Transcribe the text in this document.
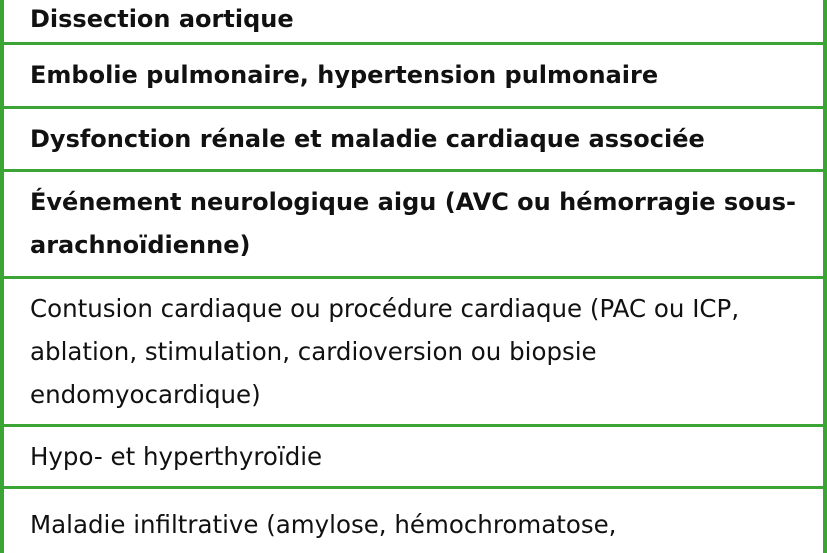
Dissection aortique
Embolie pulmonaire, hypertension pulmonaire
Dysfonction rénale et maladie cardiaque associée
Événement neurologique aigu (AVC ou hémorragie sous-arachnoïdienne)
Contusion cardiaque ou procédure cardiaque (PAC ou ICP, ablation, stimulation, cardioversion ou biopsie endomyocardique)
Hypo- et hyperthyroïdie
Maladie infiltrative (amylose, hémochromatose,
